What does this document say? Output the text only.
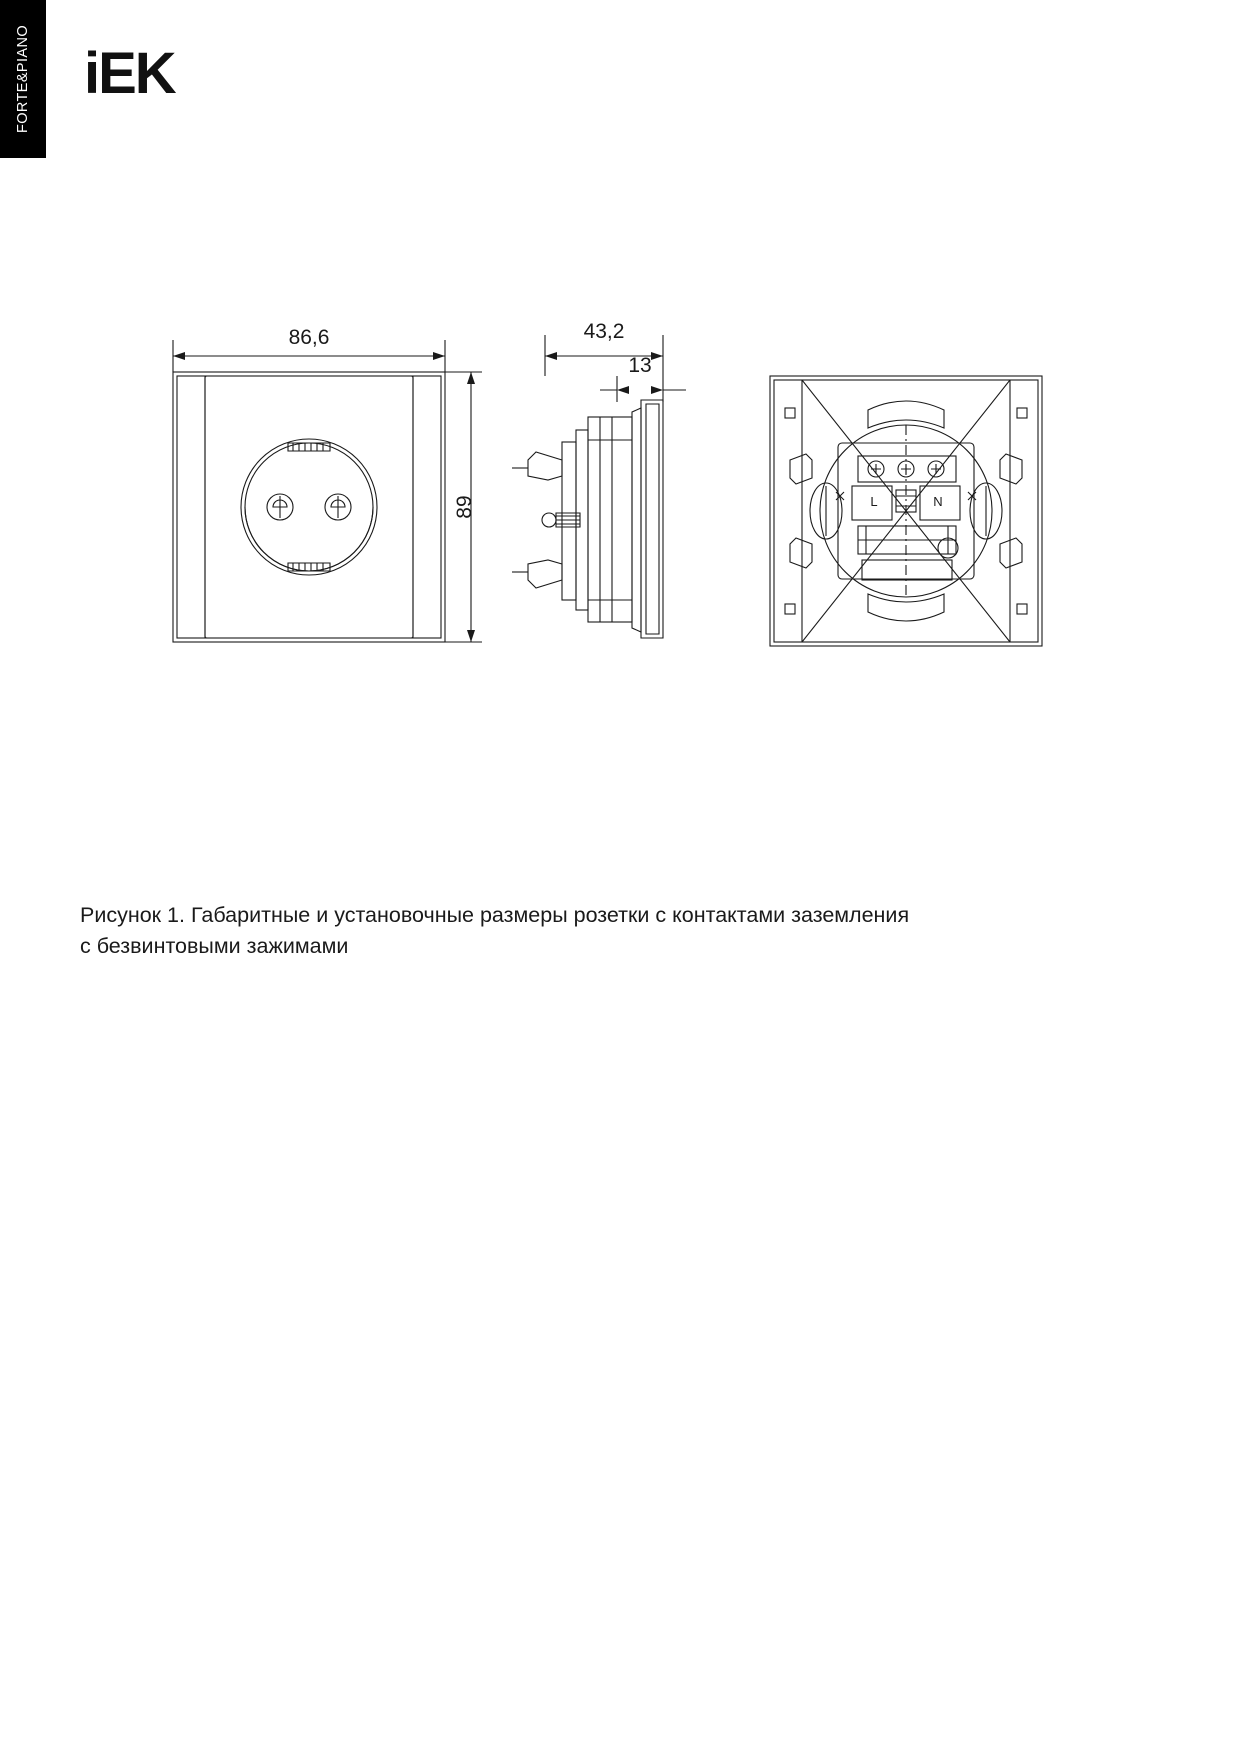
FORTE&PIANO iEK
86,6	43,2
13
89	L	N
Рисунок 1. Габаритные и установочные размеры розетки с контактами заземления
с безвинтовыми зажимами
